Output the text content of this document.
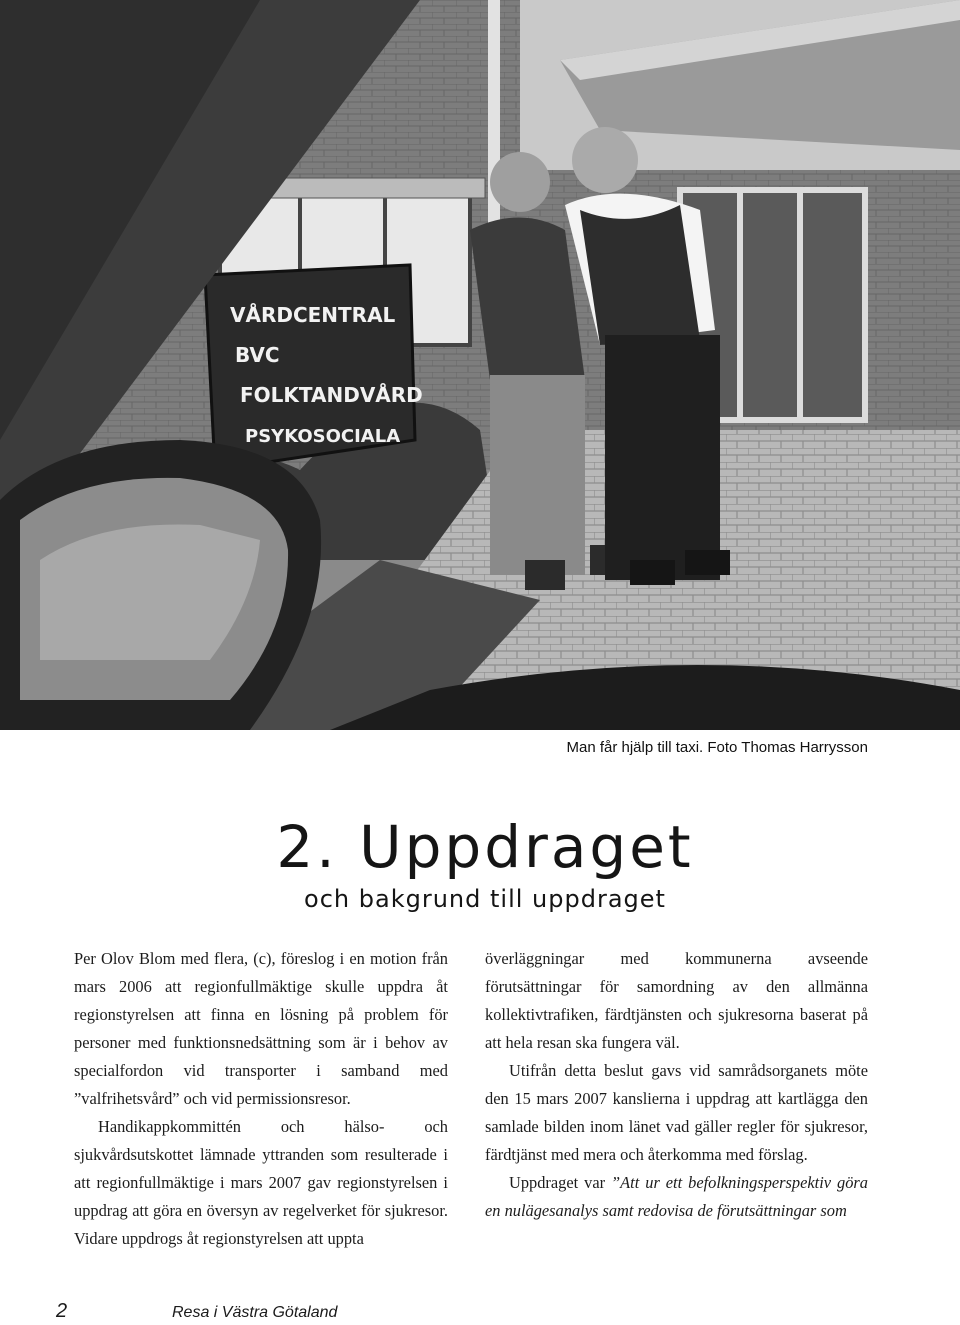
VÅRDCENTRAL
BVC
FOLKTANDVÅRD
PSYKOSOCIALA
Man får hjälp till taxi. Foto Thomas Harrysson
2. Uppdraget
och bakgrund till uppdraget

Per Olov Blom med flera, (c), föreslog i en motion från mars 2006 att regionfullmäktige skulle uppdra åt regionstyrelsen att finna en lösning på problem för personer med funktionsnedsättning som är i behov av specialfordon vid transporter i samband med ”valfrihetsvård” och vid permissionsresor.

Handikappkommittén och hälso- och sjukvårdsutskottet lämnade yttranden som resulterade i att regionfullmäktige i mars 2007 gav regionstyrelsen i uppdrag att göra en översyn av regelverket för sjukresor. Vidare uppdrogs åt regionstyrelsen att uppta

överläggningar med kommunerna avseende förutsättningar för samordning av den allmänna kollektivtrafiken, färdtjänsten och sjukresorna baserat på att hela resan ska fungera väl.

Utifrån detta beslut gavs vid samrådsorganets möte den 15 mars 2007 kanslierna i uppdrag att kartlägga den samlade bilden inom länet vad gäller regler för sjukresor, färdtjänst med mera och återkomma med förslag.

Uppdraget var ”Att ur ett befolkningsperspektiv göra en nulägesanalys samt redovisa de förutsättningar som

2	Resa i Västra Götaland
